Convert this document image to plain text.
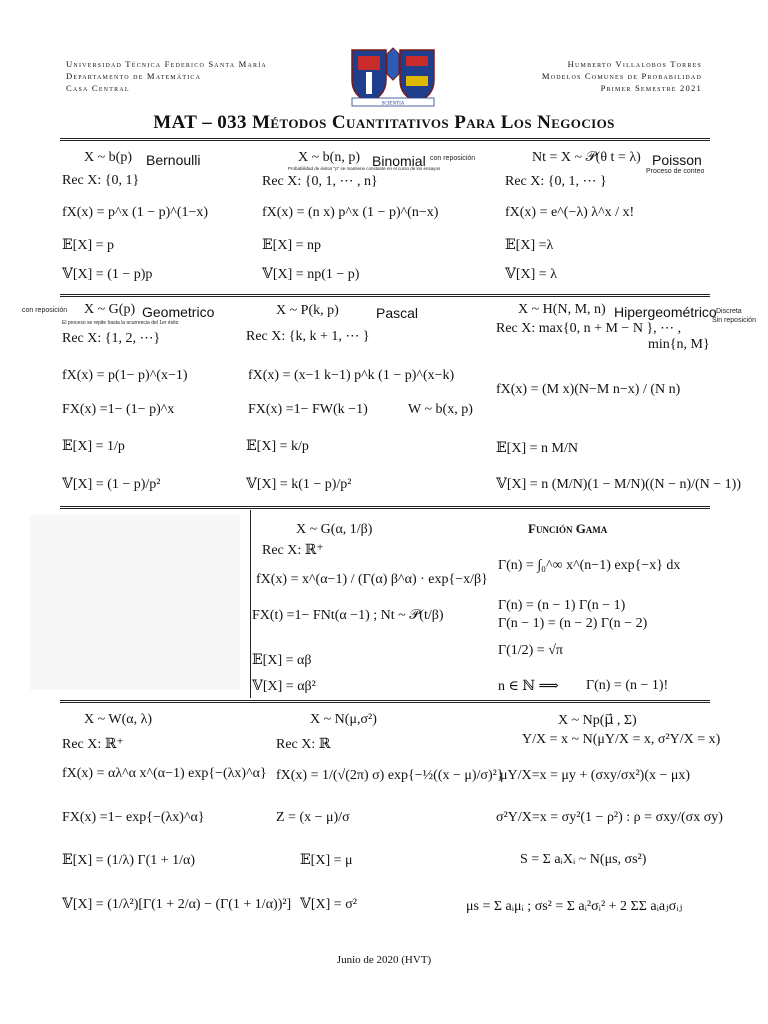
Universidad Técnica Federico Santa María
Departamento de Matemática
Casa Central
Humberto Villalobos Torres
Modelos Comunes de Probabilidad
Primer Semestre 2021
SCIENTIA
MAT – 033 Métodos Cuantitativos Para Los Negocios
X ~ b(p) Bernoulli
Rec X: {0, 1}
fX(x) = p^x (1 − p)^(1−x)
𝔼[X] = p
𝕍[X] = (1 − p)p
X ~ b(n, p) Binomial con reposición
Probabilidad de éxitos "p" se mantiene constante en el curso de los ensayos
Rec X: {0, 1, ⋯ , n}
fX(x) = (n x) p^x (1 − p)^(n−x)
𝔼[X] = np
𝕍[X] = np(1 − p)
Nt = X ~ 𝒫(θ t = λ) Poisson
Proceso de conteo
Rec X: {0, 1, ⋯ }
fX(x) = e^(−λ) λ^x / x!
𝔼[X] =λ
𝕍[X] = λ
con reposición X ~ G(p) Geometrico
El proceso se repite hasta la ocurrencia del 1er éxito
Rec X: {1, 2, ⋯}
fX(x) = p(1− p)^(x−1)
FX(x) =1− (1− p)^x
𝔼[X] = 1/p
𝕍[X] = (1 − p)/p²
X ~ P(k, p)	Pascal
Rec X: {k, k + 1, ⋯ }
fX(x) = (x−1 k−1) p^k (1 − p)^(x−k)
FX(x) =1− FW(k −1)	W ~ b(x, p)
𝔼[X] = k/p
𝕍[X] = k(1 − p)/p²
X ~ H(N, M, n) Hipergeométrico Discreta
Sin reposición
Rec X: max{0, n + M − N }, ⋯ ,
min{n, M}
fX(x) = (M x)(N−M n−x) / (N n)
𝔼[X] = n M/N
𝕍[X] = n (M/N)(1 − M/N)((N − n)/(N − 1))
X ~ G(α, 1/β)
Rec X: ℝ⁺
fX(x) = x^(α−1) / (Γ(α) β^α) · exp{−x/β}
FX(t) =1− FNt(α −1) ; Nt ~ 𝒫(t/β)
𝔼[X] = αβ
𝕍[X] = αβ²
Función Gama
Γ(n) = ∫₀^∞ x^(n−1) exp{−x} dx
Γ(n) = (n − 1) Γ(n − 1)
Γ(n − 1) = (n − 2) Γ(n − 2)
Γ(1/2) = √π
n ∈ ℕ ⟹ Γ(n) = (n − 1)!
X ~ W(α, λ)
Rec X: ℝ⁺
fX(x) = αλ^α x^(α−1) exp{−(λx)^α}
FX(x) =1− exp{−(λx)^α}
𝔼[X] = (1/λ) Γ(1 + 1/α)
𝕍[X] = (1/λ²)[Γ(1 + 2/α) − (Γ(1 + 1/α))²]
X ~ N(μ,σ²)
Rec X: ℝ
fX(x) = 1/(√(2π) σ) exp{−½((x − μ)/σ)²}
Z = (x − μ)/σ
𝔼[X] = μ
𝕍[X] = σ²
X ~ Np(μ⃗ , Σ)
Y/X = x ~ N(μY/X = x, σ²Y/X = x)
μY/X=x = μy + (σxy/σx²)(x − μx)
σ²Y/X=x = σy²(1 − ρ²) : ρ = σxy/(σx σy)
S = Σ aᵢXᵢ ~ N(μs, σs²)
μs = Σ aᵢμᵢ ; σs² = Σ aᵢ²σᵢ² + 2 ΣΣ aᵢaⱼσᵢⱼ
Junio de 2020 (HVT)
